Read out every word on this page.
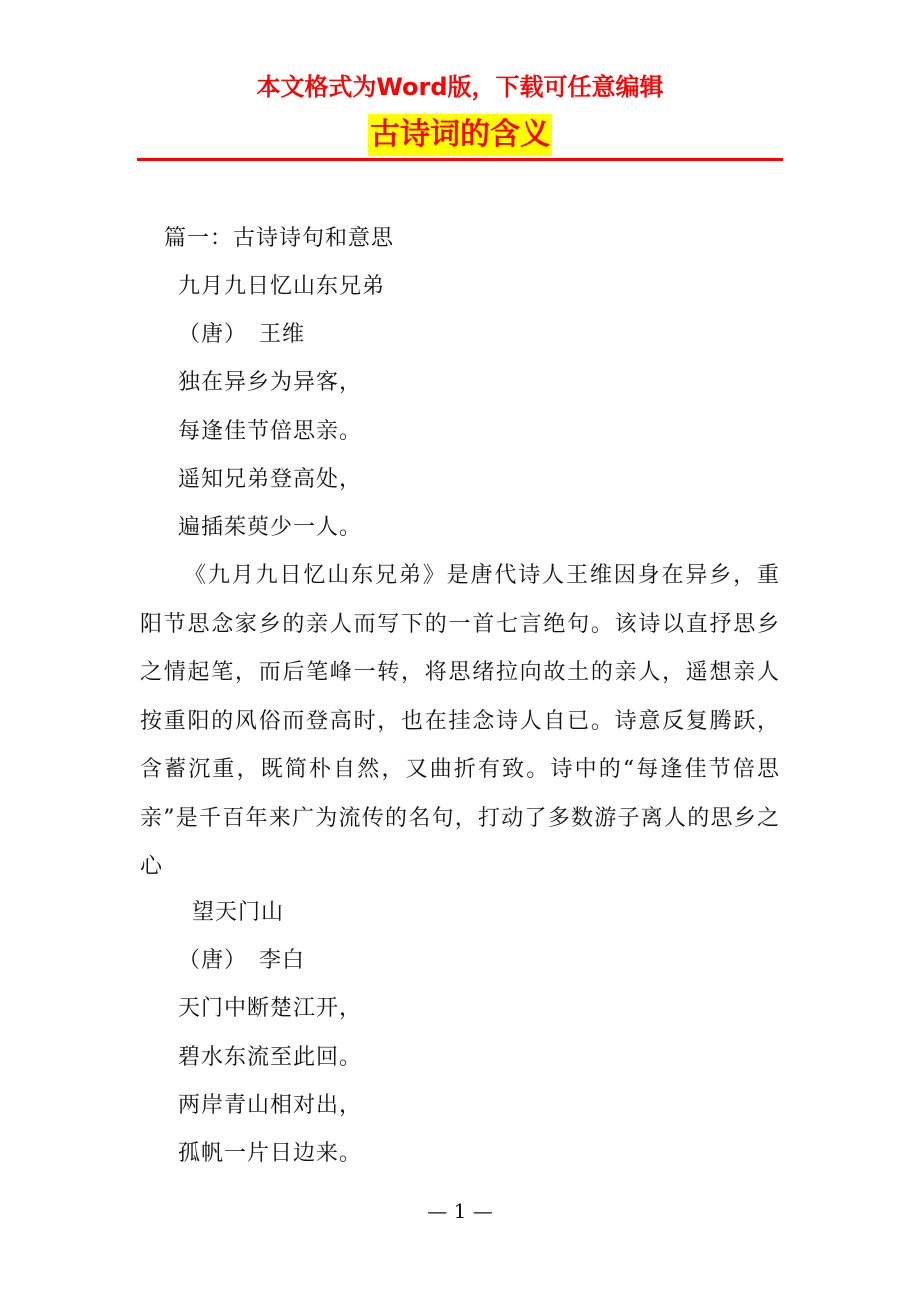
本文格式为Word版，下载可任意编辑
古诗词的含义
篇一：古诗诗句和意思
九月九日忆山东兄弟
（唐）　王维
独在异乡为异客，
每逢佳节倍思亲。
遥知兄弟登高处，
遍插茱萸少一人。
《九月九日忆山东兄弟》是唐代诗人王维因身在异乡，重阳节思念家乡的亲人而写下的一首七言绝句。该诗以直抒思乡之情起笔，而后笔峰一转，将思绪拉向故土的亲人，遥想亲人按重阳的风俗而登高时，也在挂念诗人自已。诗意反复腾跃，含蓄沉重，既简朴自然，又曲折有致。诗中的“每逢佳节倍思亲”是千百年来广为流传的名句，打动了多数游子离人的思乡之心
望天门山
（唐）　李白
天门中断楚江开，
碧水东流至此回。
两岸青山相对出，
孤帆一片日边来。
— 1 —
